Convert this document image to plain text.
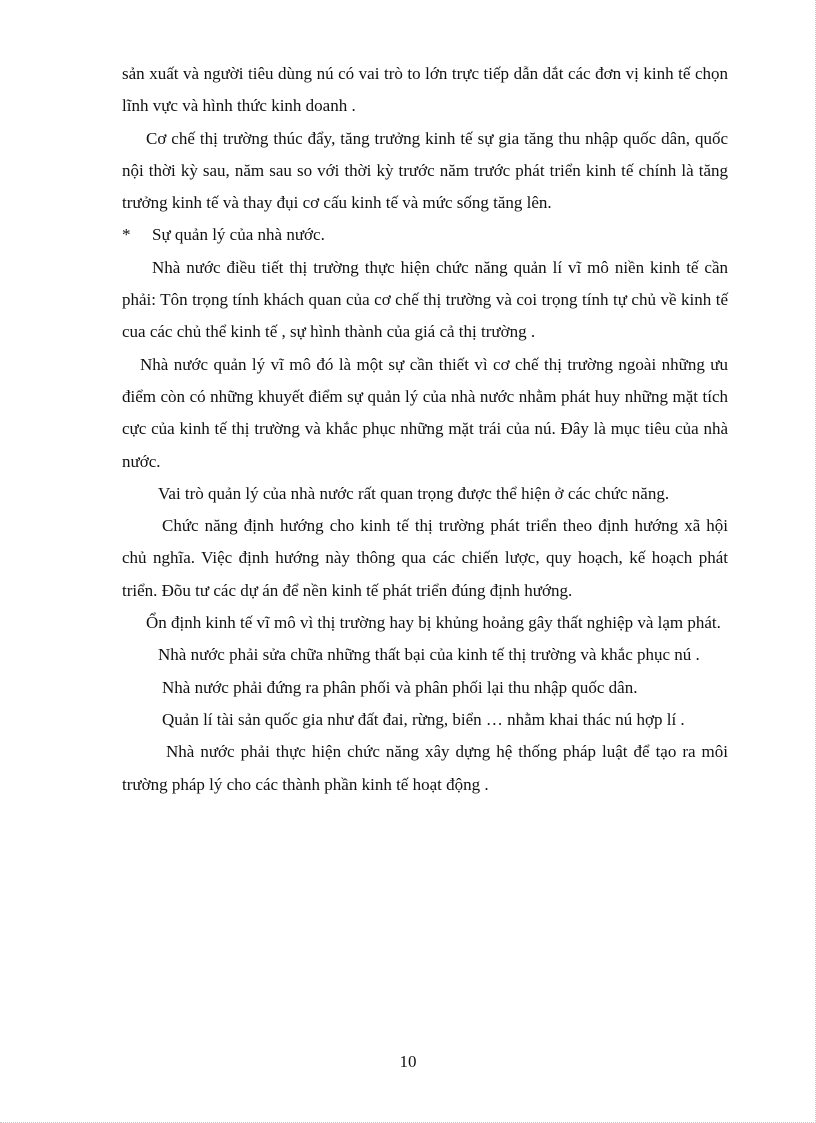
sản xuất và người tiêu dùng nú có vai trò to lớn trực tiếp dẫn dắt các đơn vị kinh tế chọn lĩnh vực và hình thức kinh doanh .

Cơ chế thị trường thúc đẩy, tăng trưởng kinh tế sự gia tăng thu nhập quốc dân, quốc nội thời kỳ sau, năm sau so với thời kỳ trước năm trước phát triển kinh tế chính là tăng trưởng kinh tế và thay đụi cơ cấu kinh tế và mức sống tăng lên.

*	Sự quản lý của nhà nước.

Nhà nước điều tiết thị trường thực hiện chức năng quản lí vĩ mô niền kinh tế cần phải: Tôn trọng tính khách quan của cơ chế thị trường và coi trọng tính tự chủ về kinh tế cua các chủ thể kinh tế , sự hình thành của giá cả thị trường .

Nhà nước quản lý vĩ mô đó là một sự cần thiết vì cơ chế thị trường ngoài những ưu điểm còn có những khuyết điểm sự quản lý của nhà nước nhằm phát huy những mặt tích cực của kinh tế thị trường và khắc phục những mặt trái của nú. Đây là mục tiêu của nhà nước.

Vai trò quản lý của nhà nước rất quan trọng được thể hiện ở các chức năng.

Chức năng định hướng cho kinh tế thị trường phát triển theo định hướng xã hội chủ nghĩa. Việc định hướng này thông qua các chiến lược, quy hoạch, kế hoạch phát triển. Đõu tư các dự án để nền kinh tế phát triển đúng định hướng.

Ổn định kinh tế vĩ mô vì thị trường hay bị khủng hoảng gây thất nghiệp và lạm phát.

Nhà nước phải sửa chữa những thất bại của kinh tế thị trường và khắc phục nú .

Nhà nước phải đứng ra phân phối và phân phối lại thu nhập quốc dân.

Quản lí tài sản quốc gia như đất đai, rừng, biển … nhằm khai thác nú hợp lí .

Nhà nước phải thực hiện chức năng xây dựng hệ thống pháp luật để tạo ra môi trường pháp lý cho các thành phần kinh tế hoạt động .

10
